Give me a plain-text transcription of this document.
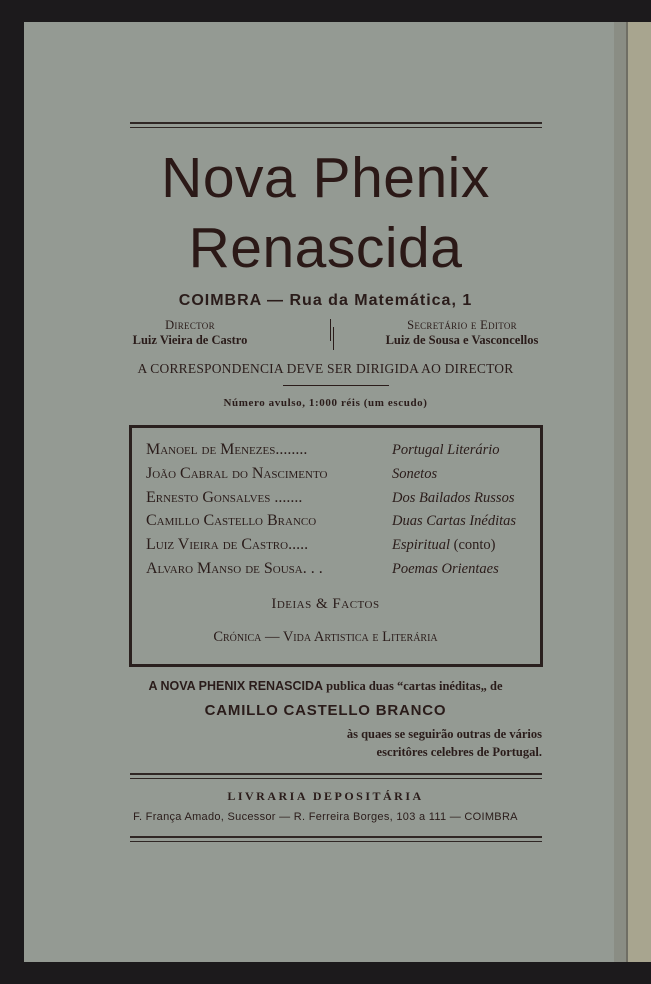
Nova Phenix
Renascida
COIMBRA — Rua da Matemática, 1
Director
Luiz Vieira de Castro
Secretário e Editor
Luiz de Sousa e Vasconcellos
A CORRESPONDENCIA DEVE SER DIRIGIDA AO DIRECTOR
Número avulso, 1:000 réis (um escudo)
Manoel de Menezes........	Portugal Literário
João Cabral do Nascimento	Sonetos
Ernesto Gonsalves .......	Dos Bailados Russos
Camillo Castello Branco	Duas Cartas Inéditas
Luiz Vieira de Castro.....	Espiritual (conto)
Alvaro Manso de Sousa. . .	Poemas Orientaes
Ideias & Factos
Crónica — Vida Artistica e Literária
A NOVA PHENIX RENASCIDA publica duas “cartas inéditas„ de
CAMILLO CASTELLO BRANCO
às quaes se seguirão outras de vários
escritôres celebres de Portugal.
LIVRARIA DEPOSITÁRIA
F. França Amado, Sucessor — R. Ferreira Borges, 103 a 111 — COIMBRA
